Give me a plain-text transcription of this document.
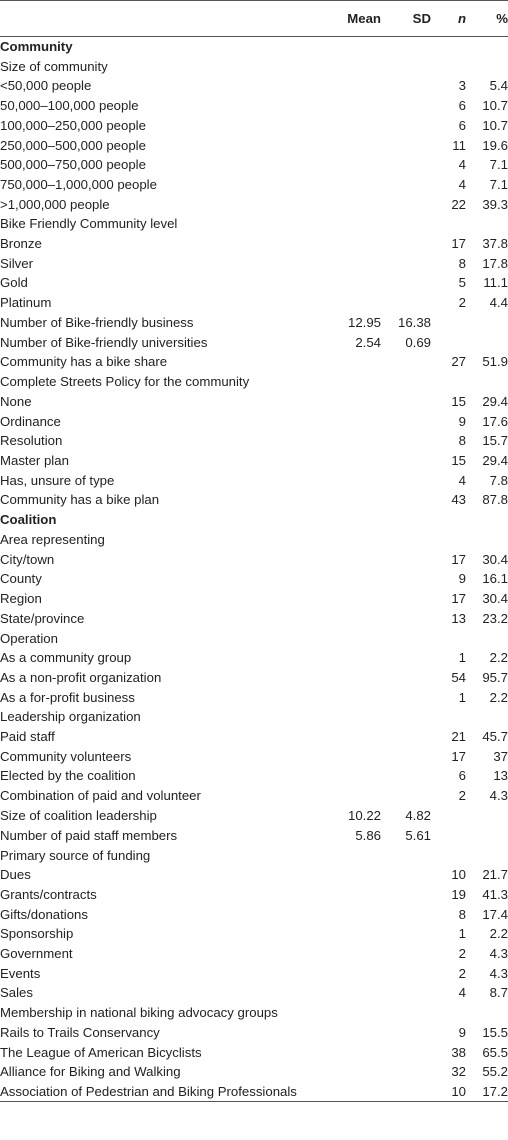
	Mean	SD	n	%
Community				
Size of community				
<50,000 people			3	5.4
50,000–100,000 people			6	10.7
100,000–250,000 people			6	10.7
250,000–500,000 people			11	19.6
500,000–750,000 people			4	7.1
750,000–1,000,000 people			4	7.1
>1,000,000 people			22	39.3
Bike Friendly Community level				
Bronze			17	37.8
Silver			8	17.8
Gold			5	11.1
Platinum			2	4.4
Number of Bike-friendly business	12.95	16.38		
Number of Bike-friendly universities	2.54	0.69		
Community has a bike share			27	51.9
Complete Streets Policy for the community				
None			15	29.4
Ordinance			9	17.6
Resolution			8	15.7
Master plan			15	29.4
Has, unsure of type			4	7.8
Community has a bike plan			43	87.8
Coalition				
Area representing				
City/town			17	30.4
County			9	16.1
Region			17	30.4
State/province			13	23.2
Operation				
As a community group			1	2.2
As a non-profit organization			54	95.7
As a for-profit business			1	2.2
Leadership organization				
Paid staff			21	45.7
Community volunteers			17	37
Elected by the coalition			6	13
Combination of paid and volunteer			2	4.3
Size of coalition leadership	10.22	4.82		
Number of paid staff members	5.86	5.61		
Primary source of funding				
Dues			10	21.7
Grants/contracts			19	41.3
Gifts/donations			8	17.4
Sponsorship			1	2.2
Government			2	4.3
Events			2	4.3
Sales			4	8.7
Membership in national biking advocacy groups				
Rails to Trails Conservancy			9	15.5
The League of American Bicyclists			38	65.5
Alliance for Biking and Walking			32	55.2
Association of Pedestrian and Biking Professionals			10	17.2
